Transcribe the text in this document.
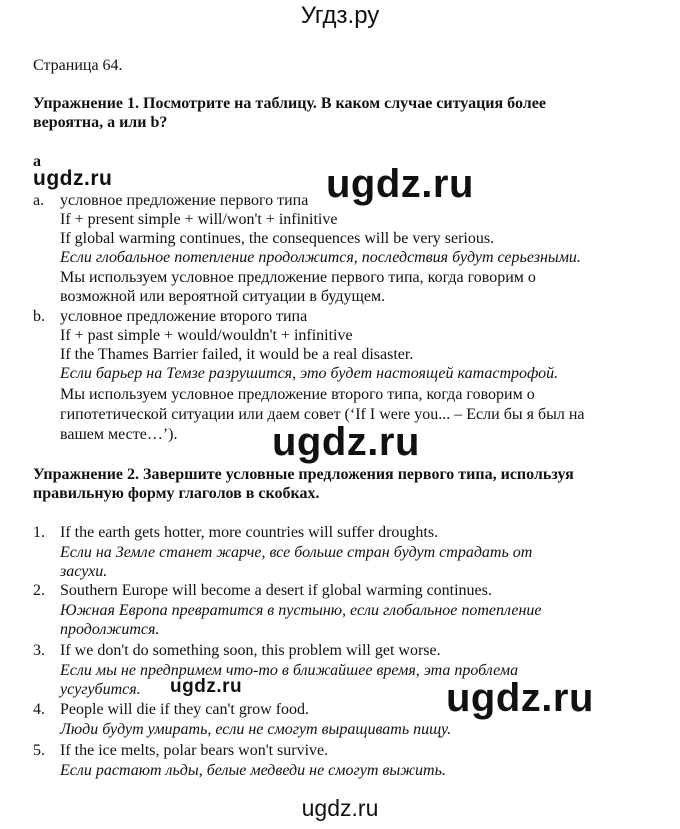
Угдз.ру
Страница 64.
Упражнение 1. Посмотрите на таблицу. В каком случае ситуация более
вероятна, а или b?
a
ugdz.ru	ugdz.ru
a. условное предложение первого типа
If + present simple + will/won't + infinitive
If global warming continues, the consequences will be very serious.
Если глобальное потепление продолжится, последствия будут серьезными.
Мы используем условное предложение первого типа, когда говорим о
возможной или вероятной ситуации в будущем.
b. условное предложение второго типа
If + past simple + would/wouldn't + infinitive
If the Thames Barrier failed, it would be a real disaster.
Если барьер на Темзе разрушится, это будет настоящей катастрофой.
Мы используем условное предложение второго типа, когда говорим о
гипотетической ситуации или даем совет (‘If I were you... – Если бы я был на
вашем месте…’). ugdz.ru
Упражнение 2. Завершите условные предложения первого типа, используя
правильную форму глаголов в скобках.
1. If the earth gets hotter, more countries will suffer droughts.
Если на Земле станет жарче, все больше стран будут страдать от
засухи.
2. Southern Europe will become a desert if global warming continues.
Южная Европа превратится в пустыню, если глобальное потепление
продолжится.
3. If we don't do something soon, this problem will get worse.
Если мы не предпримем что-то в ближайшее время, эта проблема
усугубится. ugdz.ru	ugdz.ru
4. People will die if they can't grow food.
Люди будут умирать, если не смогут выращивать пищу.
5. If the ice melts, polar bears won't survive.
Если растают льды, белые медведи не смогут выжить.
ugdz.ru
